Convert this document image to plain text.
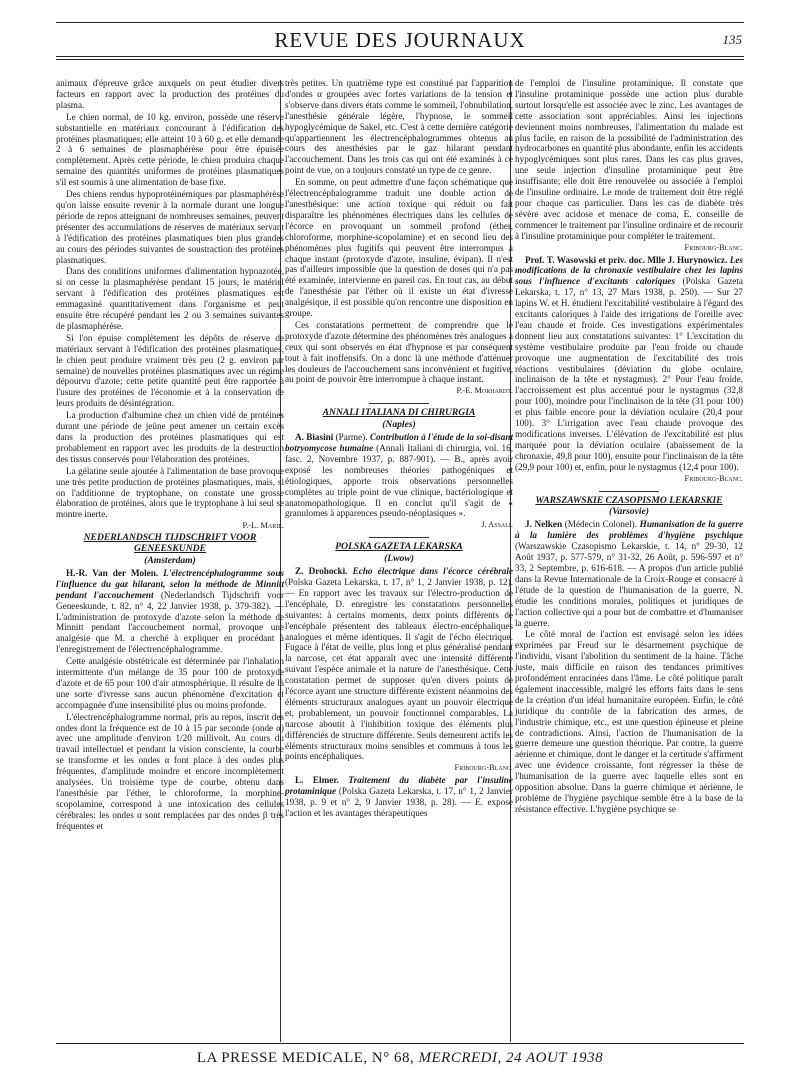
REVUE DES JOURNAUX	135

animaux d'épreuve grâce auxquels on peut étudier divers facteurs en rapport avec la production des protéines du plasma.

Le chien normal, de 10 kg. environ, possède une réserve substantielle en matériaux concourant à l'édification des protéines plasmatiques; elle atteint 10 à 60 g. et elle demande 2 à 6 semaines de plasmaphérèse pour être épuisée complètement. Après cette période, le chien produira chaque semaine des quantités uniformes de protéines plasmatiques s'il est soumis à une alimentation de base fixe.

Des chiens rendus hypoprotéinémiques par plasmaphérèse qu'on laisse ensuite revenir à la normale durant une longue période de repos atteignant de nombreuses semaines, peuvent présenter des accumulations de réserves de matériaux servant à l'édification des protéines plasmatiques bien plus grandes au cours des périodes suivantes de soustraction des protéines plasmatiques.

Dans des conditions uniformes d'alimentation hypoazotée, si on cesse la plasmaphérèse pendant 15 jours, le matériel servant à l'édification des protéines plasmatiques est emmagasiné quantitativement dans l'organisme et peut ensuite être récupéré pendant les 2 ou 3 semaines suivantes de plasmaphérèse.

Si l'on épuise complètement les dépôts de réserve de matériaux servant à l'édification des protéines plasmatiques, le chien peut produire vraiment très peu (2 g. environ par semaine) de nouvelles protéines plasmatiques avec un régime dépourvu d'azote; cette petite quantité peut être rapportée à l'usure des protéines de l'économie et à la conservation de leurs produits de désintégration.

La production d'albumine chez un chien vidé de protéines durant une période de jeûne peut amener un certain excès dans la production des protéines plasmatiques qui est probablement en rapport avec les produits de la destruction des tissus conservés pour l'élaboration des protéines.

La gélatine seule ajoutée à l'alimentation de base provoque une très petite production de protéines plasmatiques, mais, si on l'additionne de tryptophane, on constate une grosse élaboration de protéines, alors que le tryptophane à lui seul se montre inerte.

P.-L. Marie.

NEDERLANDSCH TIJDSCHRIFT VOOR GENEESKUNDE

(Amsterdam)

H.-R. Van der Molen. L'électrencéphalogramme sous l'influence du gaz hilarant, selon la méthode de Minnitt pendant l'accouchement (Nederlandsch Tijdschrift voor Geneeskunde, t. 82, n° 4, 22 Janvier 1938, p. 379-382). — L'administration de protoxyde d'azote selon la méthode de Minnitt pendant l'accouchement normal, provoque une analgésie que M. a cherché à expliquer en procédant à l'enregistrement de l'électrencéphalogramme.

Cette analgésie obstétricale est déterminée par l'inhalation intermittente d'un mélange de 35 pour 100 de protoxyde d'azote et de 65 pour 100 d'air atmosphérique. Il résulte de là une sorte d'ivresse sans aucun phénomène d'excitation et accompagnée d'une insensibilité plus ou moins profonde.

L'électrencéphalogramme normal, pris au repos, inscrit des ondes dont la fréquence est de 10 à 15 par seconde (onde α) avec une amplitude d'environ 1/20 millivolt. Au cours du travail intellectuel et pendant la vision consciente, la courbe se transforme et les ondes α font place à des ondes plus fréquentes, d'amplitude moindre et encore incomplètement analysées. Un troisième type de courbe, obtenu dans l'anesthésie par l'éther, le chloroforme, la morphine-scopolamine, correspond à une intoxication des cellules cérébrales: les ondes α sont remplacées par des ondes β très fréquentes et

très petites. Un quatrième type est constitué par l'apparition d'ondes α groupées avec fortes variations de la tension et s'observe dans divers états comme le sommeil, l'obnubilation, l'anesthésie générale légère, l'hypnose, le sommeil hypoglycémique de Sakel, etc. C'est à cette dernière catégorie qu'appartiennent les électrencéphalogrammes obtenus au cours des anesthésies par le gaz hilarant pendant l'accouchement. Dans les trois cas qui ont été examinés à ce point de vue, on a toujours constaté un type de ce genre.

En somme, on peut admettre d'une façon schématique que l'électrencéphalogramme traduit une double action de l'anesthésique: une action toxique qui réduit ou fait disparaître les phénomènes électriques dans les cellules de l'écorce en provoquant un sommeil profond (éther, chloroforme, morphine-scopolamine) et en second lieu des phénomènes plus fugitifs qui peuvent être interrompus à chaque instant (protoxyde d'azote, insuline, évipan). Il n'est pas d'ailleurs impossible que la question de doses qui n'a pas été examinée, intervienne en pareil cas. En tout cas, au début de l'anesthésie par l'éther où il existe un état d'ivresse analgésique, il est possible qu'on rencontre une disposition en groupe.

Ces constatations permettent de comprendre que le protoxyde d'azote détermine des phénomènes très analogues à ceux qui sont observés en état d'hypnose et par conséquent tout à fait inoffensifs. On a donc là une méthode d'atténuer les douleurs de l'accouchement sans inconvénient et fugitive, au point de pouvoir être interrompue à chaque instant.

P.-E. Morhardt.

ANNALI ITALIANA DI CHIRURGIA

(Naples)

A. Biasini (Parme). Contribution à l'étude de la soi-disant botryomycose humaine (Annali Italiani di chirurgia, vol. 16, fasc. 2, Novembre 1937, p. 887-901). — B., après avoir exposé les nombreuses théories pathogéniques et étiologiques, apporte trois observations personnelles complètes au triple point de vue clinique, bactériologique et anatomopathologique. Il en conclut qu'il s'agit de « granulomes à apparences pseudo-néoplasiques ».

J. Assali.

POLSKA GAZETA LEKARSKA

(Lwow)

Z. Drohocki. Echo électrique dans l'écorce cérébrale (Polska Gazeta Lekarska, t. 17, n° 1, 2 Janvier 1938, p. 12). — En rapport avec les travaux sur l'électro-production de l'encéphale, D. enregistre les constatations personnelles suivantes: à certains moments, deux points différents de l'encéphale présentent des tableaux électro-encéphaliques analogues et même identiques. Il s'agit de l'écho électrique. Fugace à l'état de veille, plus long et plus généralisé pendant la narcose, cet état apparaît avec une intensité différente suivant l'espèce animale et la nature de l'anesthésique. Cette constatation permet de supposer qu'en divers points de l'écorce ayant une structure différente existent néanmoins des éléments structuraux analogues ayant un pouvoir électrique et, probablement, un pouvoir fonctionnel comparables. La narcose aboutit à l'inhibition toxique des éléments plus différenciés de structure différente. Seuls demeurent actifs les éléments structuraux moins sensibles et communs à tous les points encéphaliques.

Fribourg-Blanc.

L. Elmer. Traitement du diabète par l'insuline protaminique (Polska Gazeta Lekarska, t. 17, n° 1, 2 Janvier 1938, p. 9 et n° 2, 9 Janvier 1938, p. 28). — E. expose l'action et les avantages thérapeutiques

de l'emploi de l'insuline protaminique. Il constate que l'insuline protaminique possède une action plus durable surtout lorsqu'elle est associée avec le zinc. Les avantages de cette association sont appréciables. Ainsi les injections deviennent moins nombreuses, l'alimentation du malade est plus facile, en raison de la possibilité de l'administration des hydrocarbones en quantité plus abondante, enfin les accidents hypoglycémiques sont plus rares. Dans les cas plus graves, une seule injection d'insuline protaminique peut être insuffisante; elle doit être renouvelée ou associée à l'emploi de l'insuline ordinaire. Le mode de traitement doit être réglé pour chaque cas particulier. Dans les cas de diabète très sévère avec acidose et menace de coma, E. conseille de commencer le traitement par l'insuline ordinaire et de recourir à l'insuline protaminique pour compléter le traitement.

Fribourg-Blanc.

Prof. T. Wasowski et priv. doc. Mlle J. Hurynowicz. Les modifications de la chronaxie vestibulaire chez les lapins sous l'influence d'excitants caloriques (Polska Gazeta Lekarska, t. 17, n° 13, 27 Mars 1938, p. 250). — Sur 27 lapins W. et H. étudient l'excitabilité vestibulaire à l'égard des excitants caloriques à l'aide des irrigations de l'oreille avec l'eau chaude et froide. Ces investigations expérimentales donnent lieu aux constatations suivantes: 1° L'excitation du système vestibulaire produite par l'eau froide ou chaude provoque une augmentation de l'excitabilité des trois réactions vestibulaires (déviation du globe oculaire, inclinaison de la tête et nystagmus). 2° Pour l'eau froide, l'accroissement est plus accentué pour le nystagmus (32,8 pour 100), moindre pour l'inclinaison de la tête (31 pour 100) et plus faible encore pour la déviation oculaire (20,4 pour 100). 3° L'irrigation avec l'eau chaude provoque des modifications inverses. L'élévation de l'excitabilité est plus marquée pour la déviation oculaire (abaissement de la chronaxie, 49,8 pour 100), ensuite pour l'inclinaison de la tête (29,9 pour 100) et, enfin, pour le nystagmus (12,4 pour 100).

Fribourg-Blanc.

WARSZAWSKIE CZASOPISMO LEKARSKIE

(Varsovie)

J. Nelken (Médecin Colonel). Humanisation de la guerre à la lumière des problèmes d'hygiène psychique (Warszawskie Czasopismo Lekarskie, t. 14, n° 29-30, 12 Août 1937, p. 577-579, n° 31-32, 26 Août, p. 596-597 et n° 33, 2 Septembre, p. 616-618. — A propos d'un article publié dans la Revue Internationale de la Croix-Rouge et consacré à l'étude de la question de l'humanisation de la guerre, N. étudie les conditions morales, politiques et juridiques de l'action collective qui a pour but de combattre et d'humaniser la guerre.

Le côté moral de l'action est envisagé selon les idées exprimées par Freud sur le désarmement psychique de l'individu, visant l'abolition du sentiment de la haine. Tâche juste, mais difficile en raison des tendances primitives profondément enracinées dans l'âme. Le côté politique paraît également inaccessible, malgré les efforts faits dans le sens de la création d'un idéal humanitaire européen. Enfin, le côté juridique du contrôle de la fabrication des armes, de l'industrie chimique, etc., est une question épineuse et pleine de contradictions. Ainsi, l'action de l'humanisation de la guerre demeure une question théorique. Par contre, la guerre aérienne et chimique, dont le danger et la certitude s'affirment avec une évidence croissante, font régresser la thèse de l'humanisation de la guerre avec laquelle elles sont en opposition absolue. Dans la guerre chimique et aérienne, le problème de l'hygiène psychique semble être à la base de la résistance effective. L'hygiène psychique se

LA PRESSE MEDICALE, N° 68, MERCREDI, 24 AOUT 1938
